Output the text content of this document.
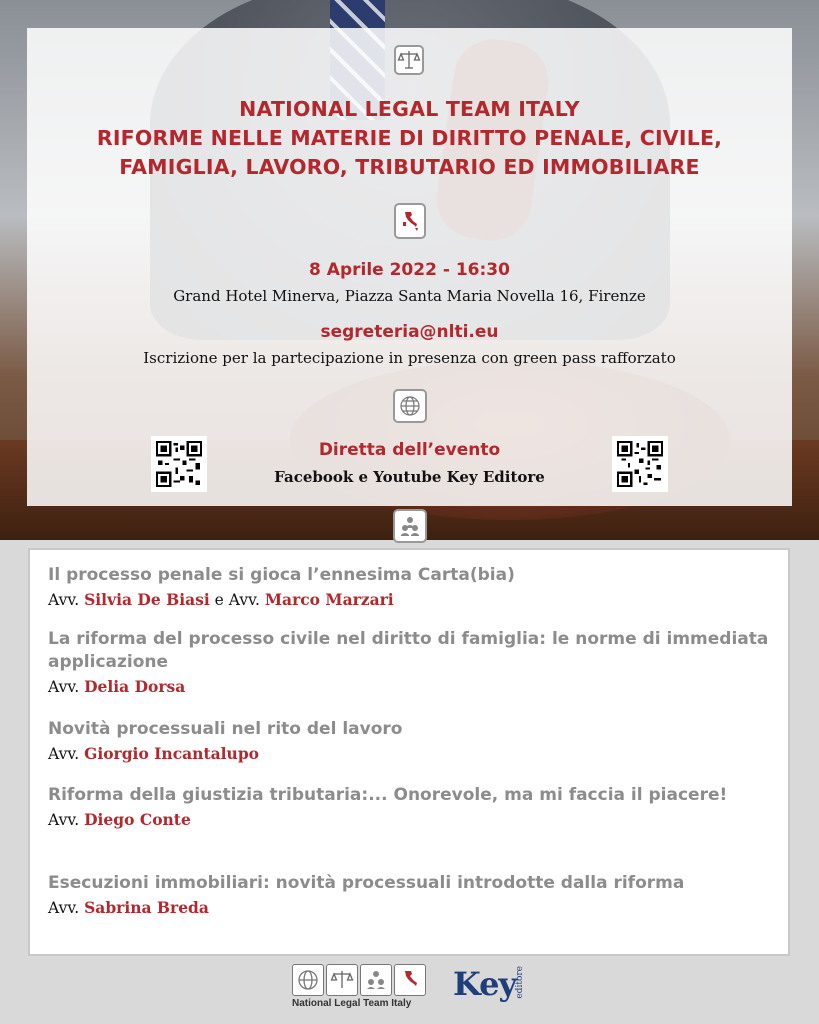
NATIONAL LEGAL TEAM ITALY
RIFORME NELLE MATERIE DI DIRITTO PENALE, CIVILE,
FAMIGLIA, LAVORO, TRIBUTARIO ED IMMOBILIARE
8 Aprile 2022 - 16:30
Grand Hotel Minerva, Piazza Santa Maria Novella 16, Firenze
segreteria@nlti.eu
Iscrizione per la partecipazione in presenza con green pass rafforzato
Diretta dell’evento
Facebook e Youtube Key Editore
Il processo penale si gioca l’ennesima Carta(bia)
Avv. Silvia De Biasi e Avv. Marco Marzari
La riforma del processo civile nel diritto di famiglia: le norme di immediata applicazione
Avv. Delia Dorsa
Novità processuali nel rito del lavoro
Avv. Giorgio Incantalupo
Riforma della giustizia tributaria:... Onorevole, ma mi faccia il piacere!
Avv. Diego Conte
Esecuzioni immobiliari: novità processuali introdotte dalla riforma
Avv. Sabrina Breda
National Legal Team Italy
Key
editore
